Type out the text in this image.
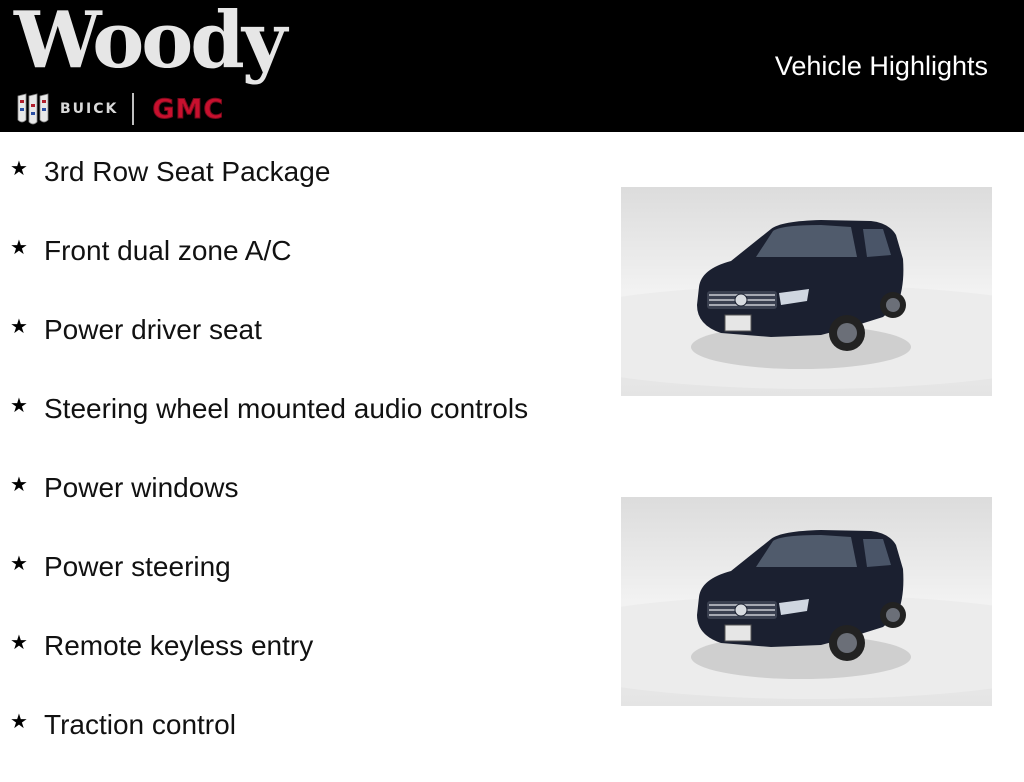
Woody
BUICK GMC
Vehicle Highlights
★ 3rd Row Seat Package
★ Front dual zone A/C
★ Power driver seat
★ Steering wheel mounted audio controls
★ Power windows
★ Power steering
★ Remote keyless entry
★ Traction control
